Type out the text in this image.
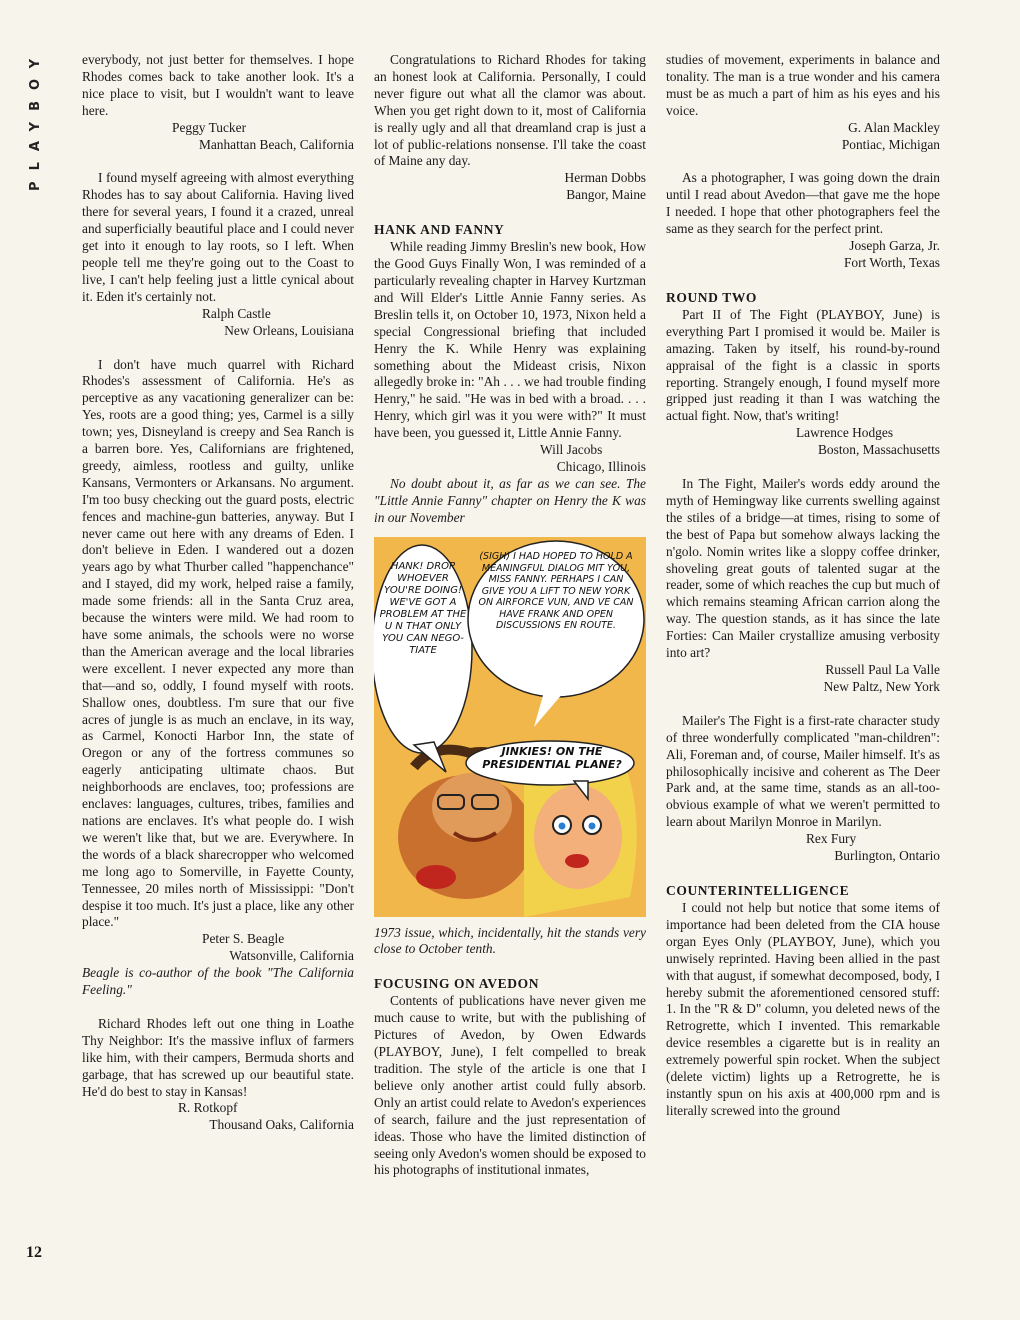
PLAYBOY
12

everybody, not just better for themselves. I hope Rhodes comes back to take another look. It's a nice place to visit, but I wouldn't want to leave here.

Peggy Tucker
Manhattan Beach, California

I found myself agreeing with almost everything Rhodes has to say about California. Having lived there for several years, I found it a crazed, unreal and superficially beautiful place and I could never get into it enough to lay roots, so I left. When people tell me they're going out to the Coast to live, I can't help feeling just a little cynical about it. Eden it's certainly not.

Ralph Castle
New Orleans, Louisiana

I don't have much quarrel with Richard Rhodes's assessment of California. He's as perceptive as any vacationing generalizer can be: Yes, roots are a good thing; yes, Carmel is a silly town; yes, Disneyland is creepy and Sea Ranch is a barren bore. Yes, Californians are frightened, greedy, aimless, rootless and guilty, unlike Kansans, Vermonters or Arkansans. No argument. I'm too busy checking out the guard posts, electric fences and machine-gun batteries, anyway. But I never came out here with any dreams of Eden. I don't believe in Eden. I wandered out a dozen years ago by what Thurber called "happenchance" and I stayed, did my work, helped raise a family, made some friends: all in the Santa Cruz area, because the winters were mild. We had room to have some animals, the schools were no worse than the American average and the local libraries were excellent. I never expected any more than that—and so, oddly, I found myself with roots. Shallow ones, doubtless. I'm sure that our five acres of jungle is as much an enclave, in its way, as Carmel, Konocti Harbor Inn, the state of Oregon or any of the fortress communes so eagerly anticipating ultimate chaos. But neighborhoods are enclaves, too; professions are enclaves: languages, cultures, tribes, families and nations are enclaves. It's what people do. I wish we weren't like that, but we are. Everywhere. In the words of a black sharecropper who welcomed me long ago to Somerville, in Fayette County, Tennessee, 20 miles north of Mississippi: "Don't despise it too much. It's just a place, like any other place."

Peter S. Beagle
Watsonville, California

Beagle is co-author of the book "The California Feeling."

Richard Rhodes left out one thing in Loathe Thy Neighbor: It's the massive influx of farmers like him, with their campers, Bermuda shorts and garbage, that has screwed up our beautiful state. He'd do best to stay in Kansas!

R. Rotkopf
Thousand Oaks, California

Congratulations to Richard Rhodes for taking an honest look at California. Personally, I could never figure out what all the clamor was about. When you get right down to it, most of California is really ugly and all that dreamland crap is just a lot of public-relations nonsense. I'll take the coast of Maine any day.

Herman Dobbs
Bangor, Maine
HANK AND FANNY

While reading Jimmy Breslin's new book, How the Good Guys Finally Won, I was reminded of a particularly revealing chapter in Harvey Kurtzman and Will Elder's Little Annie Fanny series. As Breslin tells it, on October 10, 1973, Nixon held a special Congressional briefing that included Henry the K. While Henry was explaining something about the Mideast crisis, Nixon allegedly broke in: "Ah . . . we had trouble finding Henry," he said. "He was in bed with a broad. . . . Henry, which girl was it you were with?" It must have been, you guessed it, Little Annie Fanny.

Will Jacobs
Chicago, Illinois

No doubt about it, as far as we can see. The "Little Annie Fanny" chapter on Henry the K was in our November

HANK! DROP WHOEVER YOU'RE DOING! WE'VE GOT A PROBLEM AT THE U N THAT ONLY YOU CAN NEGO-TIATE
(SIGH) I HAD HOPED TO HOLD A MEANINGFUL DIALOG MIT YOU, MISS FANNY. PERHAPS I CAN GIVE YOU A LIFT TO NEW YORK ON AIRFORCE VUN, AND VE CAN HAVE FRANK AND OPEN DISCUSSIONS EN ROUTE.
JINKIES! ON THE PRESIDENTIAL PLANE?

1973 issue, which, incidentally, hit the stands very close to October tenth.

FOCUSING ON AVEDON

Contents of publications have never given me much cause to write, but with the publishing of Pictures of Avedon, by Owen Edwards (PLAYBOY, June), I felt compelled to break tradition. The style of the article is one that I believe only another artist could fully absorb. Only an artist could relate to Avedon's experiences of search, failure and the just representation of ideas. Those who have the limited distinction of seeing only Avedon's women should be exposed to his photographs of institutional inmates,

studies of movement, experiments in balance and tonality. The man is a true wonder and his camera must be as much a part of him as his eyes and his voice.

G. Alan Mackley
Pontiac, Michigan

As a photographer, I was going down the drain until I read about Avedon—that gave me the hope I needed. I hope that other photographers feel the same as they search for the perfect print.

Joseph Garza, Jr.
Fort Worth, Texas
ROUND TWO

Part II of The Fight (PLAYBOY, June) is everything Part I promised it would be. Mailer is amazing. Taken by itself, his round-by-round appraisal of the fight is a classic in sports reporting. Strangely enough, I found myself more gripped just reading it than I was watching the actual fight. Now, that's writing!

Lawrence Hodges
Boston, Massachusetts

In The Fight, Mailer's words eddy around the myth of Hemingway like currents swelling against the stiles of a bridge—at times, rising to some of the best of Papa but somehow always lacking the n'golo. Nomin writes like a sloppy coffee drinker, shoveling great gouts of talented sugar at the reader, some of which reaches the cup but much of which remains steaming African carrion along the way. The question stands, as it has since the late Forties: Can Mailer crystallize amusing verbosity into art?

Russell Paul La Valle
New Paltz, New York

Mailer's The Fight is a first-rate character study of three wonderfully complicated "man-children": Ali, Foreman and, of course, Mailer himself. It's as philosophically incisive and coherent as The Deer Park and, at the same time, stands as an all-too-obvious example of what we weren't permitted to learn about Marilyn Monroe in Marilyn.

Rex Fury
Burlington, Ontario
COUNTERINTELLIGENCE

I could not help but notice that some items of importance had been deleted from the CIA house organ Eyes Only (PLAYBOY, June), which you unwisely reprinted. Having been allied in the past with that august, if somewhat decomposed, body, I hereby submit the aforementioned censored stuff: 1. In the "R & D" column, you deleted news of the Retrogrette, which I invented. This remarkable device resembles a cigarette but is in reality an extremely powerful spin rocket. When the subject (delete victim) lights up a Retrogrette, he is instantly spun on his axis at 400,000 rpm and is literally screwed into the ground
